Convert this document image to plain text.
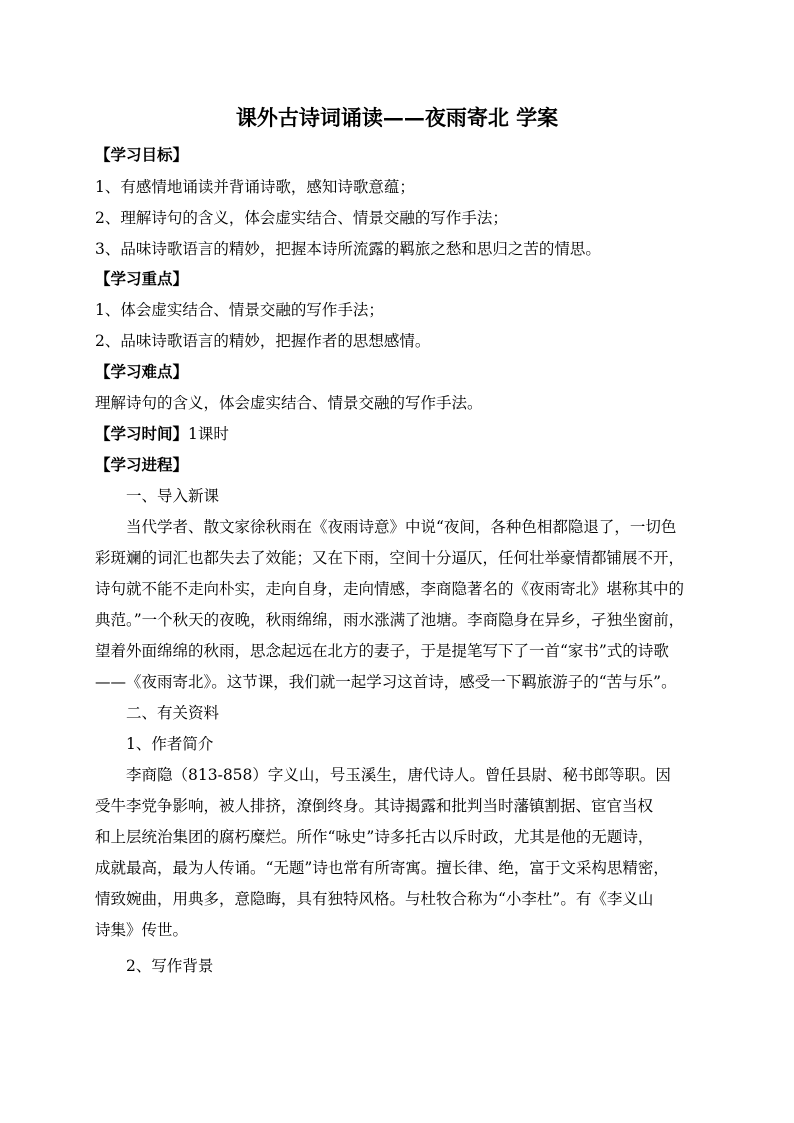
课外古诗词诵读——夜雨寄北 学案
【学习目标】
1、有感情地诵读并背诵诗歌，感知诗歌意蕴；
2、理解诗句的含义，体会虚实结合、情景交融的写作手法；
3、品味诗歌语言的精妙，把握本诗所流露的羁旅之愁和思归之苦的情思。
【学习重点】
1、体会虚实结合、情景交融的写作手法；
2、品味诗歌语言的精妙，把握作者的思想感情。
【学习难点】
理解诗句的含义，体会虚实结合、情景交融的写作手法。
【学习时间】1课时
【学习进程】
一、导入新课
当代学者、散文家徐秋雨在《夜雨诗意》中说“夜间，各种色相都隐退了，一切色
彩斑斓的词汇也都失去了效能；又在下雨，空间十分逼仄，任何壮举豪情都铺展不开，
诗句就不能不走向朴实，走向自身，走向情感，李商隐著名的《夜雨寄北》堪称其中的
典范。”一个秋天的夜晚，秋雨绵绵，雨水涨满了池塘。李商隐身在异乡，孑独坐窗前，
望着外面绵绵的秋雨，思念起远在北方的妻子，于是提笔写下了一首“家书”式的诗歌
——《夜雨寄北》。这节课，我们就一起学习这首诗，感受一下羁旅游子的“苦与乐”。
二、有关资料
1、作者简介
李商隐（813-858）字义山，号玉溪生，唐代诗人。曾任县尉、秘书郎等职。因
受牛李党争影响，被人排挤，潦倒终身。其诗揭露和批判当时藩镇割据、宦官当权
和上层统治集团的腐朽糜烂。所作“咏史”诗多托古以斥时政，尤其是他的无题诗，
成就最高，最为人传诵。“无题”诗也常有所寄寓。擅长律、绝，富于文采构思精密，
情致婉曲，用典多，意隐晦，具有独特风格。与杜牧合称为“小李杜”。有《李义山
诗集》传世。
2、写作背景
